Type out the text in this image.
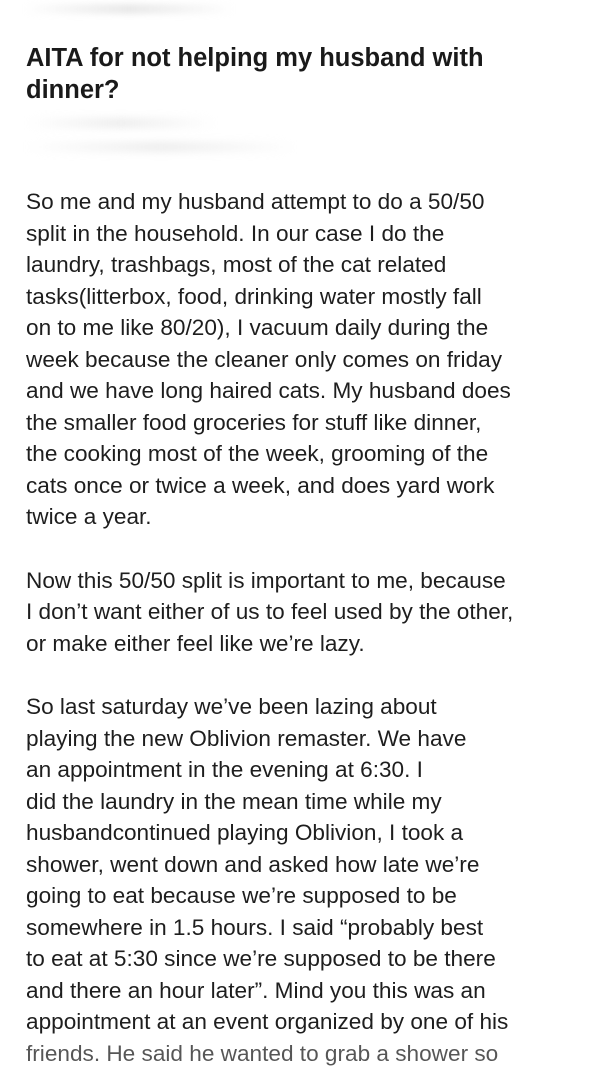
AITA for not helping my husband with dinner?

So me and my husband attempt to do a 50/50
split in the household. In our case I do the
laundry, trashbags, most of the cat related
tasks(litterbox, food, drinking water mostly fall
on to me like 80/20), I vacuum daily during the
week because the cleaner only comes on friday
and we have long haired cats. My husband does
the smaller food groceries for stuff like dinner,
the cooking most of the week, grooming of the
cats once or twice a week, and does yard work
twice a year.

Now this 50/50 split is important to me, because
I don’t want either of us to feel used by the other,
or make either feel like we’re lazy.

So last saturday we’ve been lazing about
playing the new Oblivion remaster. We have
an appointment in the evening at 6:30. I
did the laundry in the mean time while my
husbandcontinued playing Oblivion, I took a
shower, went down and asked how late we’re
going to eat because we’re supposed to be
somewhere in 1.5 hours. I said “probably best
to eat at 5:30 since we’re supposed to be there
and there an hour later”. Mind you this was an
appointment at an event organized by one of his
friends. He said he wanted to grab a shower so
